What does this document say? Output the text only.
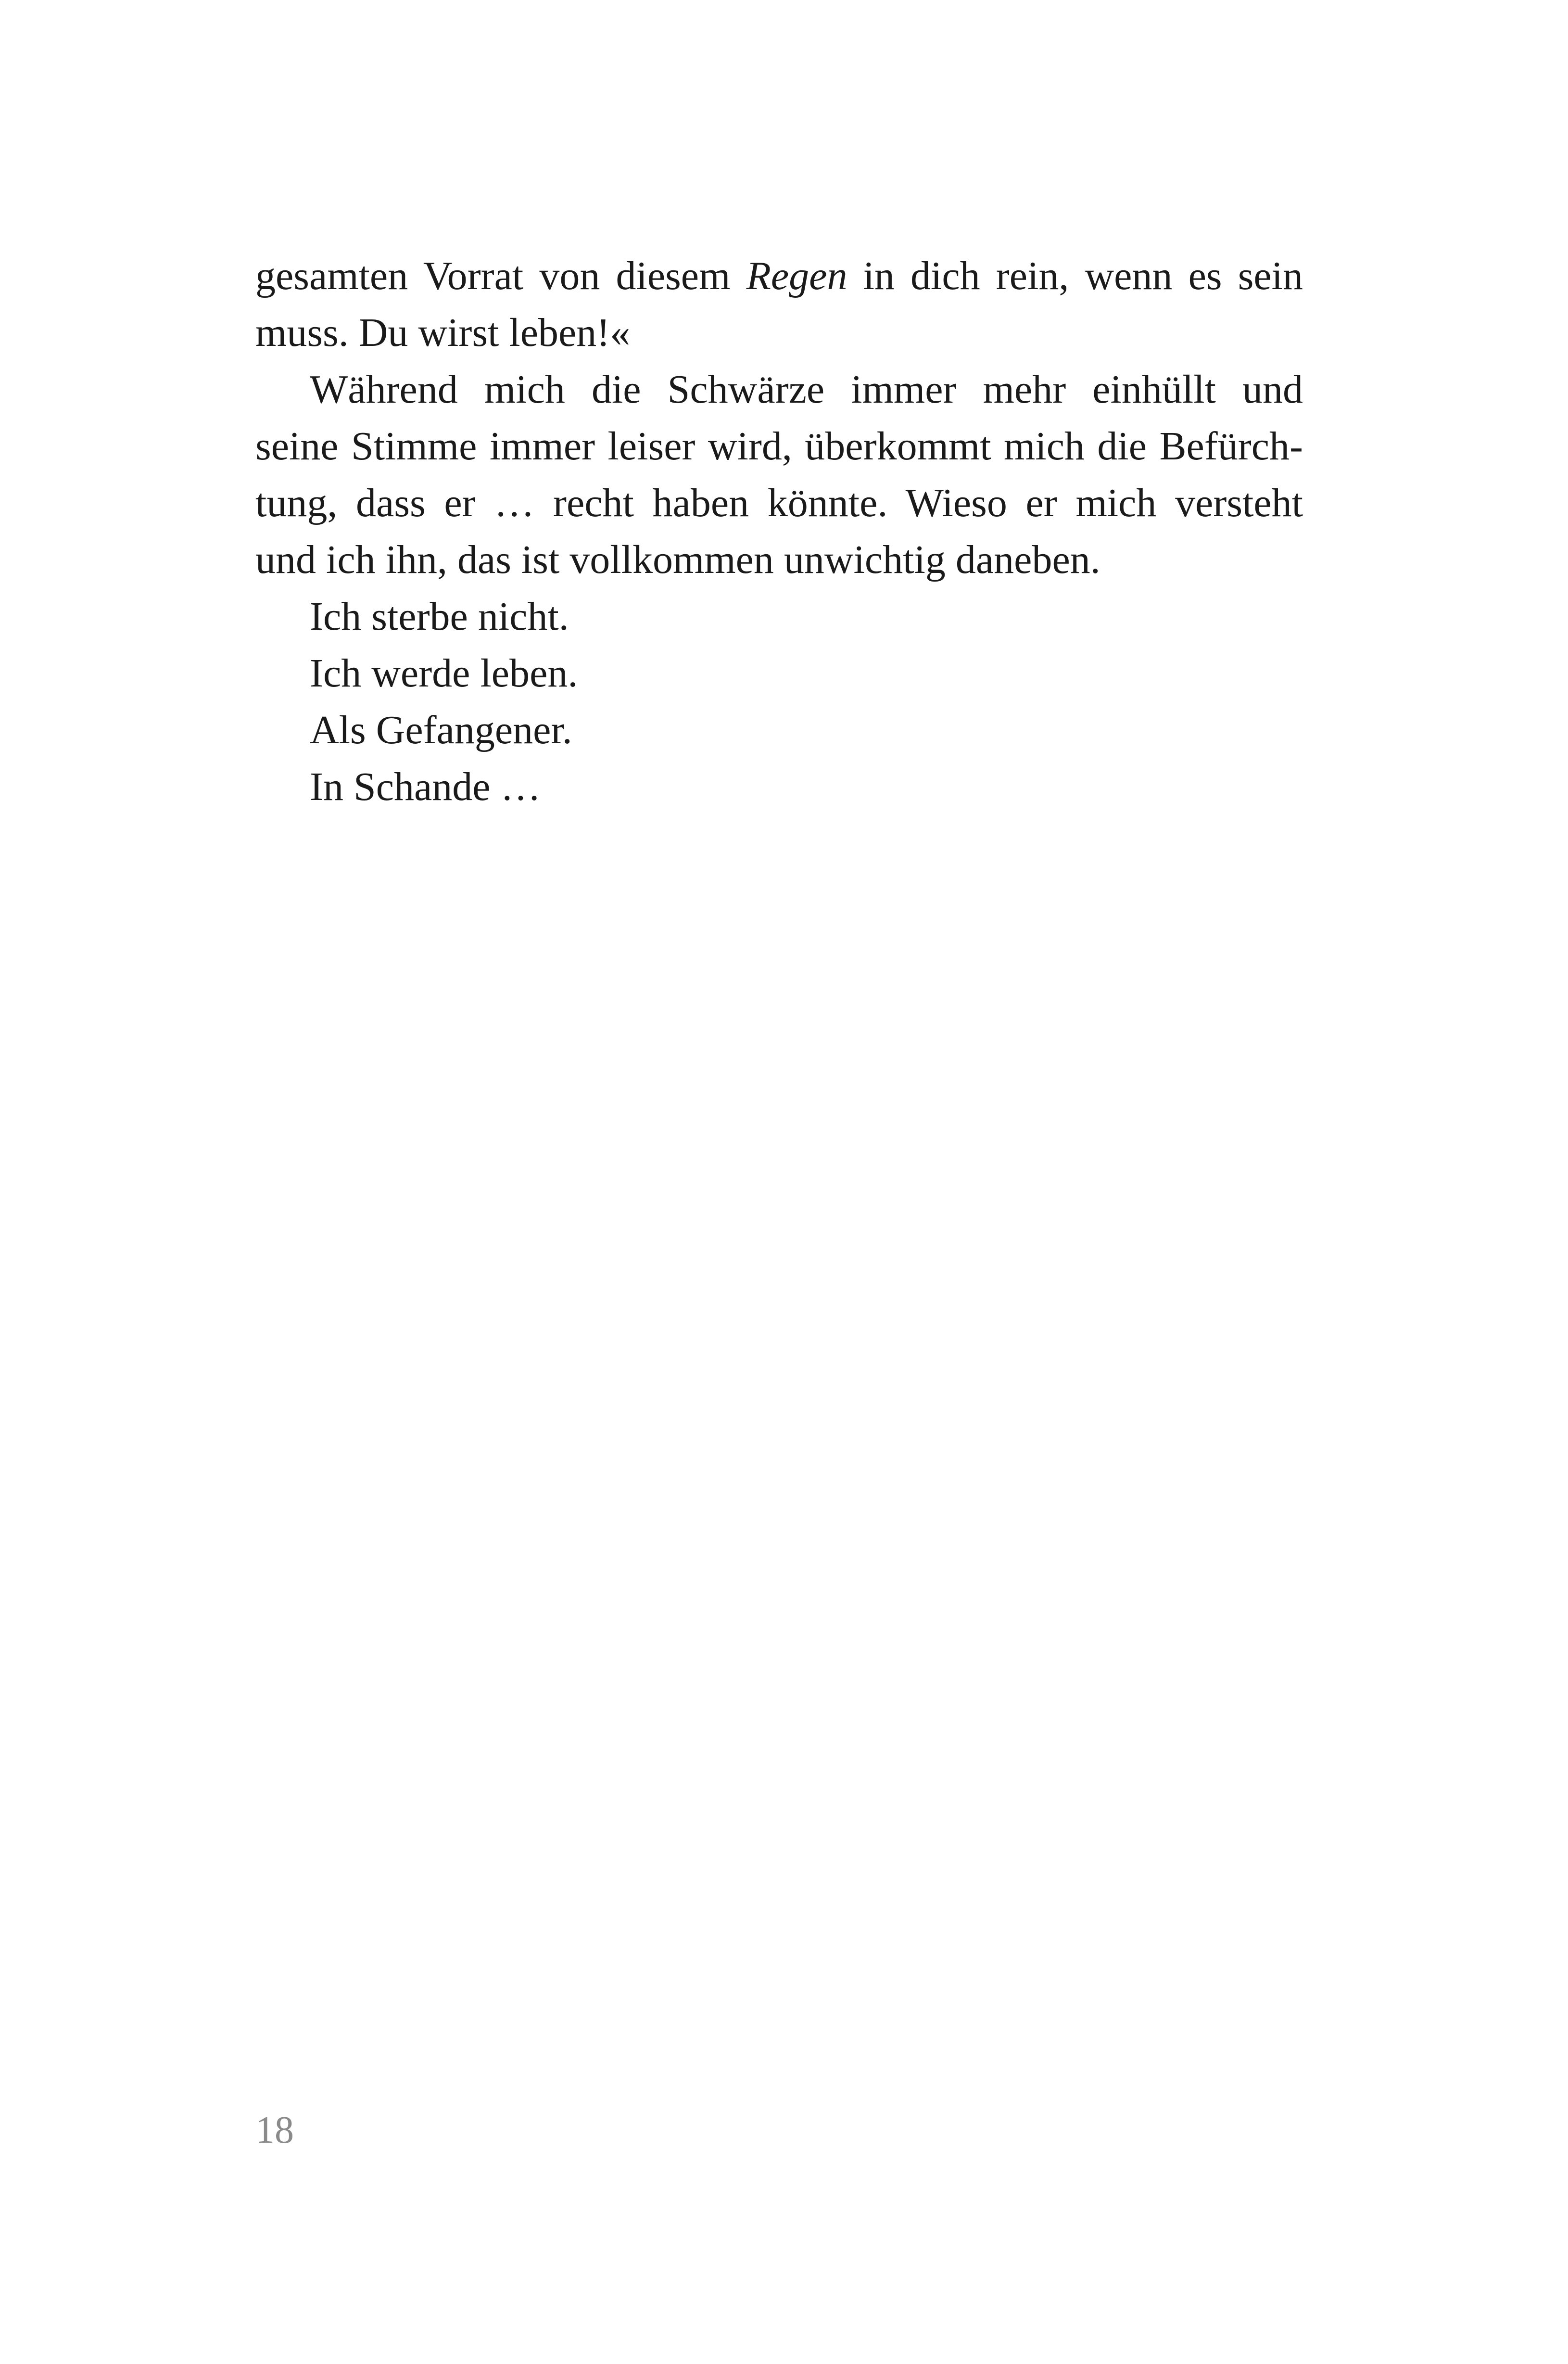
gesamten Vorrat von diesem Regen in dich rein, wenn es sein
muss. Du wirst leben!«
Während mich die Schwärze immer mehr einhüllt und
seine Stimme immer leiser wird, überkommt mich die Befürch-
tung, dass er … recht haben könnte. Wieso er mich versteht
und ich ihn, das ist vollkommen unwichtig daneben.
Ich sterbe nicht.
Ich werde leben.
Als Gefangener.
In Schande …
18
